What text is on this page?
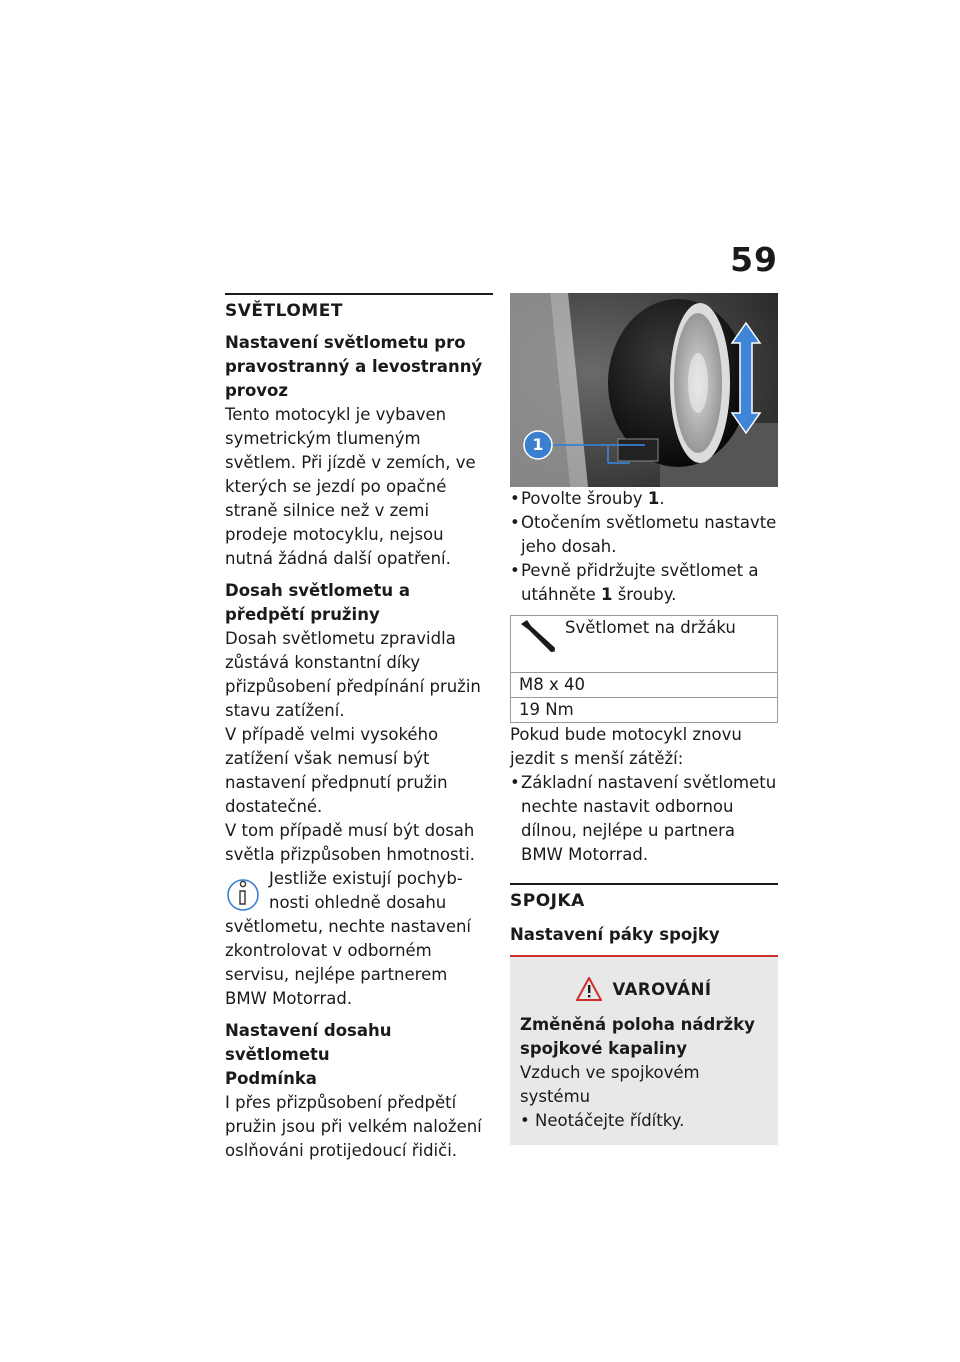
59
SVĚTLOMET
Nastavení světlometu pro pravostranný a levostranný provoz
Tento motocykl je vybaven symetrickým tlumeným světlem. Při jízdě v zemích, ve kterých se jezdí po opačné straně silnice než v zemi prodeje motocyklu, nejsou nutná žádná další opatření.
Dosah světlometu a předpětí pružiny
Dosah světlometu zpravidla zůstává konstantní díky přizpůsobení předpínání pružin stavu zatížení.
V případě velmi vysokého zatížení však nemusí být nastavení předpnutí pružin dostatečné.
V tom případě musí být dosah světla přizpůsoben hmotnosti.
Jestliže existují pochyb-
nosti ohledně dosahu
světlometu, nechte nastavení zkontrolovat v odborném servisu, nejlépe partnerem BMW Motorrad.
Nastavení dosahu světlometu
Podmínka
I přes přizpůsobení předpětí pružin jsou při velkém naložení oslňováni protijedoucí řidiči.
1
• Povolte šrouby 1.
• Otočením světlometu nastavte jeho dosah.
• Pevně přidržujte světlomet a utáhněte 1 šrouby.
Světlomet na držáku
M8 x 40
19 Nm
Pokud bude motocykl znovu jezdit s menší zátěží:
• Základní nastavení světlometu nechte nastavit odbornou dílnou, nejlépe u partnera BMW Motorrad.
SPOJKA
Nastavení páky spojky
VAROVÁNÍ
Změněná poloha nádržky spojkové kapaliny
Vzduch ve spojkovém systému
• Neotáčejte řídítky.
